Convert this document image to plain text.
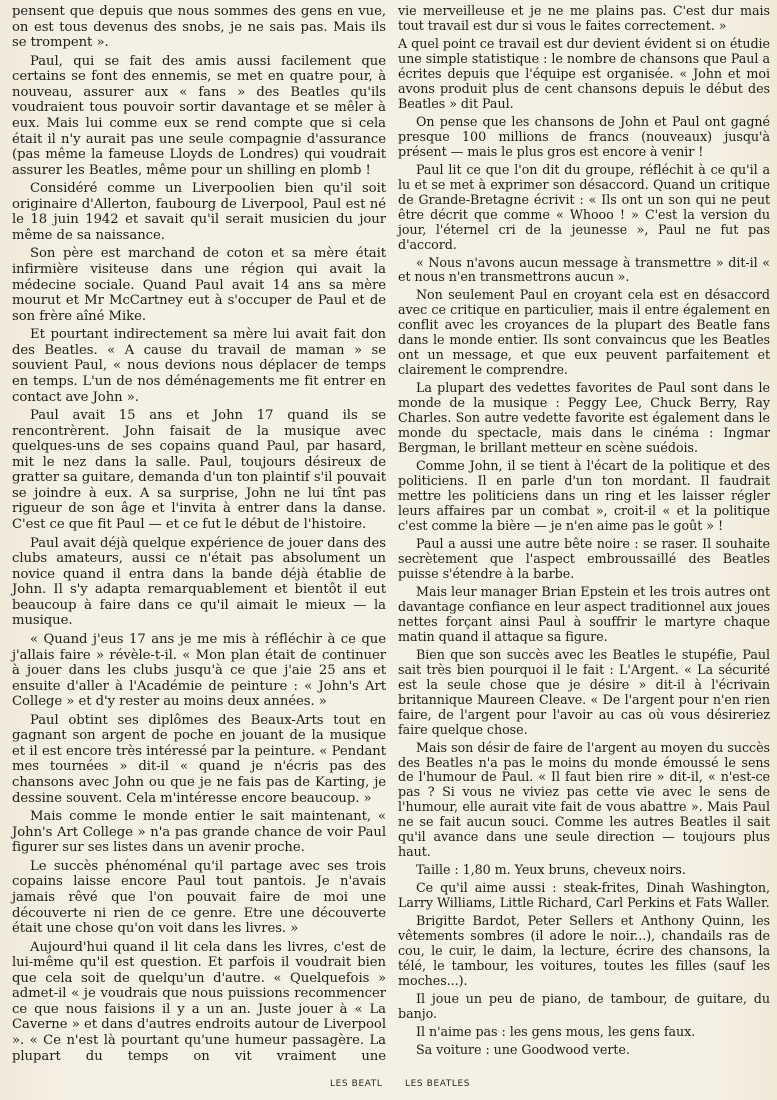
pensent que depuis que nous sommes des gens en vue, on est tous devenus des snobs, je ne sais pas. Mais ils se trompent ».

Paul, qui se fait des amis aussi facilement que certains se font des ennemis, se met en quatre pour, à nouveau, assurer aux « fans » des Beatles qu'ils voudraient tous pouvoir sortir davantage et se mêler à eux. Mais lui comme eux se rend compte que si cela était il n'y aurait pas une seule compagnie d'assurance (pas même la fameuse Lloyds de Londres) qui voudrait assurer les Beatles, même pour un shilling en plomb !

Considéré comme un Liverpoolien bien qu'il soit originaire d'Allerton, faubourg de Liverpool, Paul est né le 18 juin 1942 et savait qu'il serait musicien du jour même de sa naissance.

Son père est marchand de coton et sa mère était infirmière visiteuse dans une région qui avait la médecine sociale. Quand Paul avait 14 ans sa mère mourut et Mr McCartney eut à s'occuper de Paul et de son frère aîné Mike.

Et pourtant indirectement sa mère lui avait fait don des Beatles. « A cause du travail de maman » se souvient Paul, « nous devions nous déplacer de temps en temps. L'un de nos déménagements me fit entrer en contact ave John ».

Paul avait 15 ans et John 17 quand ils se rencontrèrent. John faisait de la musique avec quelques-uns de ses copains quand Paul, par hasard, mit le nez dans la salle. Paul, toujours désireux de gratter sa guitare, demanda d'un ton plaintif s'il pouvait se joindre à eux. A sa surprise, John ne lui tînt pas rigueur de son âge et l'invita à entrer dans la danse. C'est ce que fit Paul — et ce fut le début de l'histoire.

Paul avait déjà quelque expérience de jouer dans des clubs amateurs, aussi ce n'était pas absolument un novice quand il entra dans la bande déjà établie de John. Il s'y adapta remarquablement et bientôt il eut beaucoup à faire dans ce qu'il aimait le mieux — la musique.

« Quand j'eus 17 ans je me mis à réfléchir à ce que j'allais faire » révèle-t-il. « Mon plan était de continuer à jouer dans les clubs jusqu'à ce que j'aie 25 ans et ensuite d'aller à l'Académie de peinture : « John's Art College » et d'y rester au moins deux années. »

Paul obtint ses diplômes des Beaux-Arts tout en gagnant son argent de poche en jouant de la musique et il est encore très intéressé par la peinture. « Pendant mes tournées » dit-il « quand je n'écris pas des chansons avec John ou que je ne fais pas de Karting, je dessine souvent. Cela m'intéresse encore beaucoup. »

Mais comme le monde entier le sait maintenant, « John's Art College » n'a pas grande chance de voir Paul figurer sur ses listes dans un avenir proche.

Le succès phénoménal qu'il partage avec ses trois copains laisse encore Paul tout pantois. Je n'avais jamais rêvé que l'on pouvait faire de moi une découverte ni rien de ce genre. Etre une découverte était une chose qu'on voit dans les livres. »

Aujourd'hui quand il lit cela dans les livres, c'est de lui-même qu'il est question. Et parfois il voudrait bien que cela soit de quelqu'un d'autre. « Quelquefois » admet-il « je voudrais que nous puissions recommencer ce que nous faisions il y a un an. Juste jouer à « La Caverne » et dans d'autres endroits autour de Liverpool ». « Ce n'est là pourtant qu'une humeur passagère. La plupart du temps on vit vraiment une

vie merveilleuse et je ne me plains pas. C'est dur mais tout travail est dur si vous le faites correctement. »

A quel point ce travail est dur devient évident si on étudie une simple statistique : le nombre de chansons que Paul a écrites depuis que l'équipe est organisée. « John et moi avons produit plus de cent chansons depuis le début des Beatles » dit Paul.

On pense que les chansons de John et Paul ont gagné presque 100 millions de francs (nouveaux) jusqu'à présent — mais le plus gros est encore à venir !

Paul lit ce que l'on dit du groupe, réfléchit à ce qu'il a lu et se met à exprimer son désaccord. Quand un critique de Grande-Bretagne écrivit : « Ils ont un son qui ne peut être décrit que comme « Whooo ! » C'est la version du jour, l'éternel cri de la jeunesse », Paul ne fut pas d'accord.

« Nous n'avons aucun message à transmettre » dit-il « et nous n'en transmettrons aucun ».

Non seulement Paul en croyant cela est en désaccord avec ce critique en particulier, mais il entre également en conflit avec les croyances de la plupart des Beatle fans dans le monde entier. Ils sont convaincus que les Beatles ont un message, et que eux peuvent parfaitement et clairement le comprendre.

La plupart des vedettes favorites de Paul sont dans le monde de la musique : Peggy Lee, Chuck Berry, Ray Charles. Son autre vedette favorite est également dans le monde du spectacle, mais dans le cinéma : Ingmar Bergman, le brillant metteur en scène suédois.

Comme John, il se tient à l'écart de la politique et des politiciens. Il en parle d'un ton mordant. Il faudrait mettre les politiciens dans un ring et les laisser régler leurs affaires par un combat », croit-il « et la politique c'est comme la bière — je n'en aime pas le goût » !

Paul a aussi une autre bête noire : se raser. Il souhaite secrètement que l'aspect embroussaillé des Beatles puisse s'étendre à la barbe.

Mais leur manager Brian Epstein et les trois autres ont davantage confiance en leur aspect traditionnel aux joues nettes forçant ainsi Paul à souffrir le martyre chaque matin quand il attaque sa figure.

Bien que son succès avec les Beatles le stupéfie, Paul sait très bien pourquoi il le fait : L'Argent. « La sécurité est la seule chose que je désire » dit-il à l'écrivain britannique Maureen Cleave. « De l'argent pour n'en rien faire, de l'argent pour l'avoir au cas où vous désireriez faire quelque chose.

Mais son désir de faire de l'argent au moyen du succès des Beatles n'a pas le moins du monde émoussé le sens de l'humour de Paul. « Il faut bien rire » dit-il, « n'est-ce pas ? Si vous ne viviez pas cette vie avec le sens de l'humour, elle aurait vite fait de vous abattre ». Mais Paul ne se fait aucun souci. Comme les autres Beatles il sait qu'il avance dans une seule direction — toujours plus haut.

Taille : 1,80 m. Yeux bruns, cheveux noirs.

Ce qu'il aime aussi : steak-frites, Dinah Washington, Larry Williams, Little Richard, Carl Perkins et Fats Waller.

Brigitte Bardot, Peter Sellers et Anthony Quinn, les vêtements sombres (il adore le noir...), chandails ras de cou, le cuir, le daim, la lecture, écrire des chansons, la télé, le tambour, les voitures, toutes les filles (sauf les moches...).

Il joue un peu de piano, de tambour, de guitare, du banjo.

Il n'aime pas : les gens mous, les gens faux.

Sa voiture : une Goodwood verte.

LES BEATL LES BEATLES
